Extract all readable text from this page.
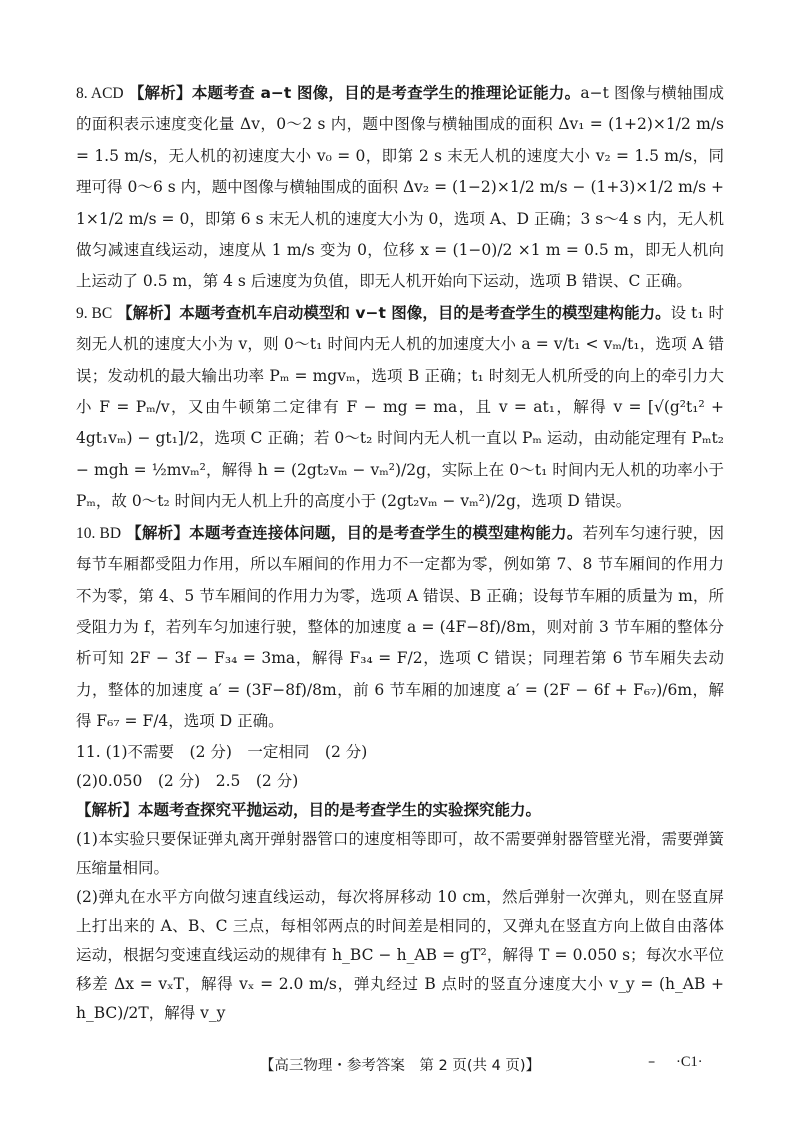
8. ACD 【解析】本题考查 a−t 图像，目的是考查学生的推理论证能力。a−t 图像与横轴围成的面积表示速度变化量 Δv，0～2 s 内，题中图像与横轴围成的面积 Δv₁ = (1+2)×1/2 m/s = 1.5 m/s，无人机的初速度大小 v₀ = 0，即第 2 s 末无人机的速度大小 v₂ = 1.5 m/s，同理可得 0～6 s 内，题中图像与横轴围成的面积 Δv₂ = (1−2)×1/2 m/s − (1+3)×1/2 m/s + 1×1/2 m/s = 0，即第 6 s 末无人机的速度大小为 0，选项 A、D 正确；3 s～4 s 内，无人机做匀减速直线运动，速度从 1 m/s 变为 0，位移 x = (1−0)/2 ×1 m = 0.5 m，即无人机向上运动了 0.5 m，第 4 s 后速度为负值，即无人机开始向下运动，选项 B 错误、C 正确。

9. BC 【解析】本题考查机车启动模型和 v−t 图像，目的是考查学生的模型建构能力。设 t₁ 时刻无人机的速度大小为 v，则 0～t₁ 时间内无人机的加速度大小 a = v/t₁ < vₘ/t₁，选项 A 错误；发动机的最大输出功率 Pₘ = mgvₘ，选项 B 正确；t₁ 时刻无人机所受的向上的牵引力大小 F = Pₘ/v，又由牛顿第二定律有 F − mg = ma，且 v = at₁，解得 v = [√(g²t₁² + 4gt₁vₘ) − gt₁]/2，选项 C 正确；若 0～t₂ 时间内无人机一直以 Pₘ 运动，由动能定理有 Pₘt₂ − mgh = ½mvₘ²，解得 h = (2gt₂vₘ − vₘ²)/2g，实际上在 0～t₁ 时间内无人机的功率小于 Pₘ，故 0～t₂ 时间内无人机上升的高度小于 (2gt₂vₘ − vₘ²)/2g，选项 D 错误。

10. BD 【解析】本题考查连接体问题，目的是考查学生的模型建构能力。若列车匀速行驶，因每节车厢都受阻力作用，所以车厢间的作用力不一定都为零，例如第 7、8 节车厢间的作用力不为零，第 4、5 节车厢间的作用力为零，选项 A 错误、B 正确；设每节车厢的质量为 m，所受阻力为 f，若列车匀加速行驶，整体的加速度 a = (4F−8f)/8m，则对前 3 节车厢的整体分析可知 2F − 3f − F₃₄ = 3ma，解得 F₃₄ = F/2，选项 C 错误；同理若第 6 节车厢失去动力，整体的加速度 a′ = (3F−8f)/8m，前 6 节车厢的加速度 a′ = (2F − 6f + F₆₇)/6m，解得 F₆₇ = F/4，选项 D 正确。

11. (1)不需要　(2 分)　一定相同　(2 分)
(2)0.050　(2 分)　2.5　(2 分)
【解析】本题考查探究平抛运动，目的是考查学生的实验探究能力。
(1)本实验只要保证弹丸离开弹射器管口的速度相等即可，故不需要弹射器管壁光滑，需要弹簧压缩量相同。
(2)弹丸在水平方向做匀速直线运动，每次将屏移动 10 cm，然后弹射一次弹丸，则在竖直屏上打出来的 A、B、C 三点，每相邻两点的时间差是相同的，又弹丸在竖直方向上做自由落体运动，根据匀变速直线运动的规律有 h_BC − h_AB = gT²，解得 T = 0.050 s；每次水平位移差 Δx = vₓT，解得 vₓ = 2.0 m/s，弹丸经过 B 点时的竖直分速度大小 v_y = (h_AB + h_BC)/2T，解得 v_y
【高三物理・参考答案　第 2 页(共 4 页)】	– ·C1·
